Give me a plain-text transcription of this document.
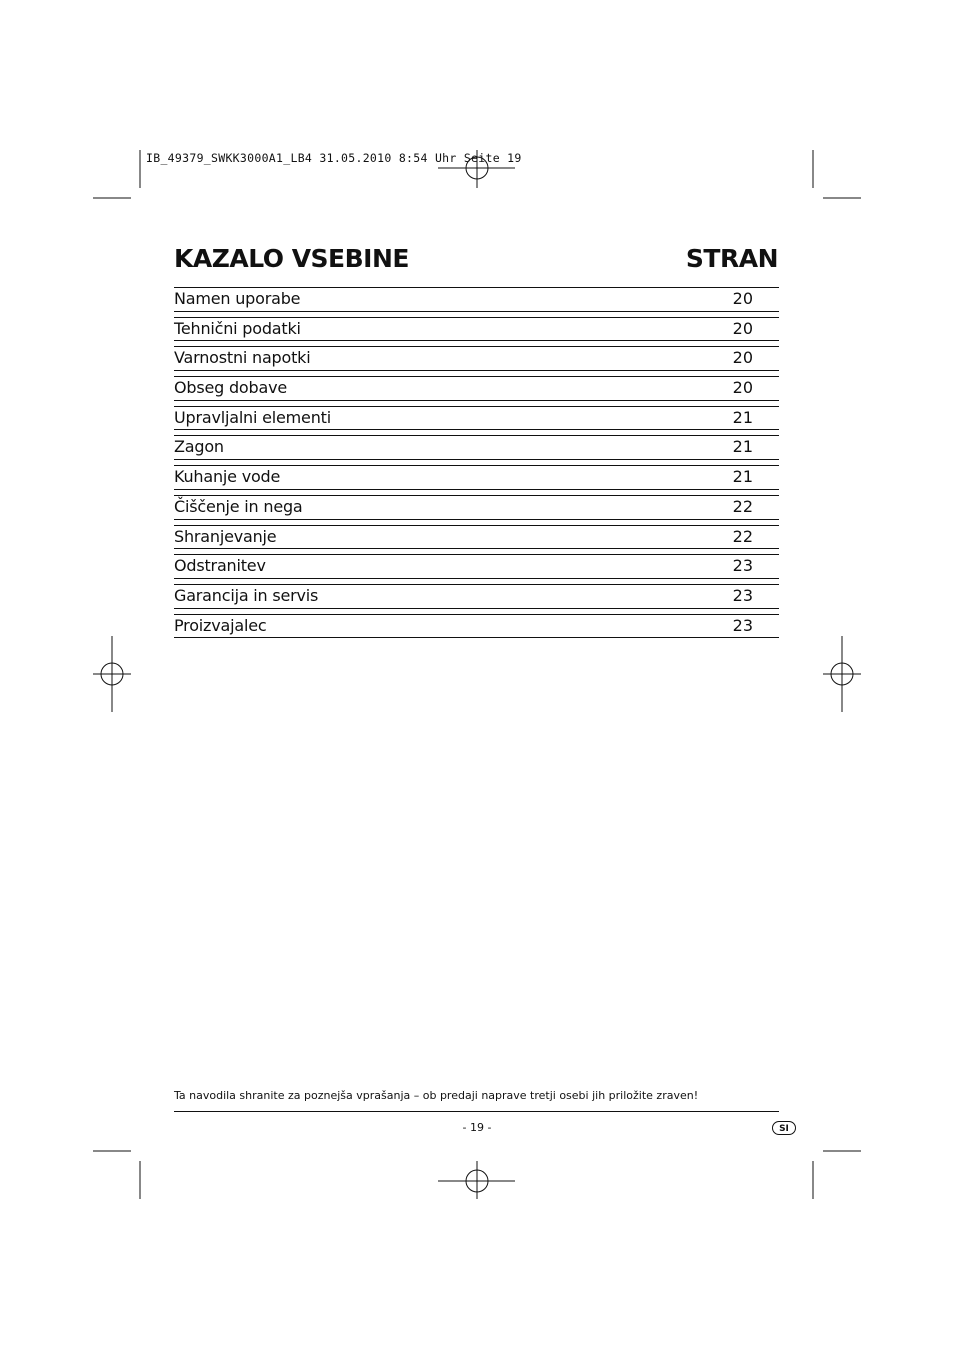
IB_49379_SWKK3000A1_LB4 31.05.2010 8:54 Uhr Seite 19
KAZALO VSEBINE	STRAN
Namen uporabe	20
Tehnični podatki	20
Varnostni napotki	20
Obseg dobave	20
Upravljalni elementi	21
Zagon	21
Kuhanje vode	21
Čiščenje in nega	22
Shranjevanje	22
Odstranitev	23
Garancija in servis	23
Proizvajalec	23
Ta navodila shranite za poznejša vprašanja – ob predaji naprave tretji osebi jih priložite zraven!
- 19 -	SI
